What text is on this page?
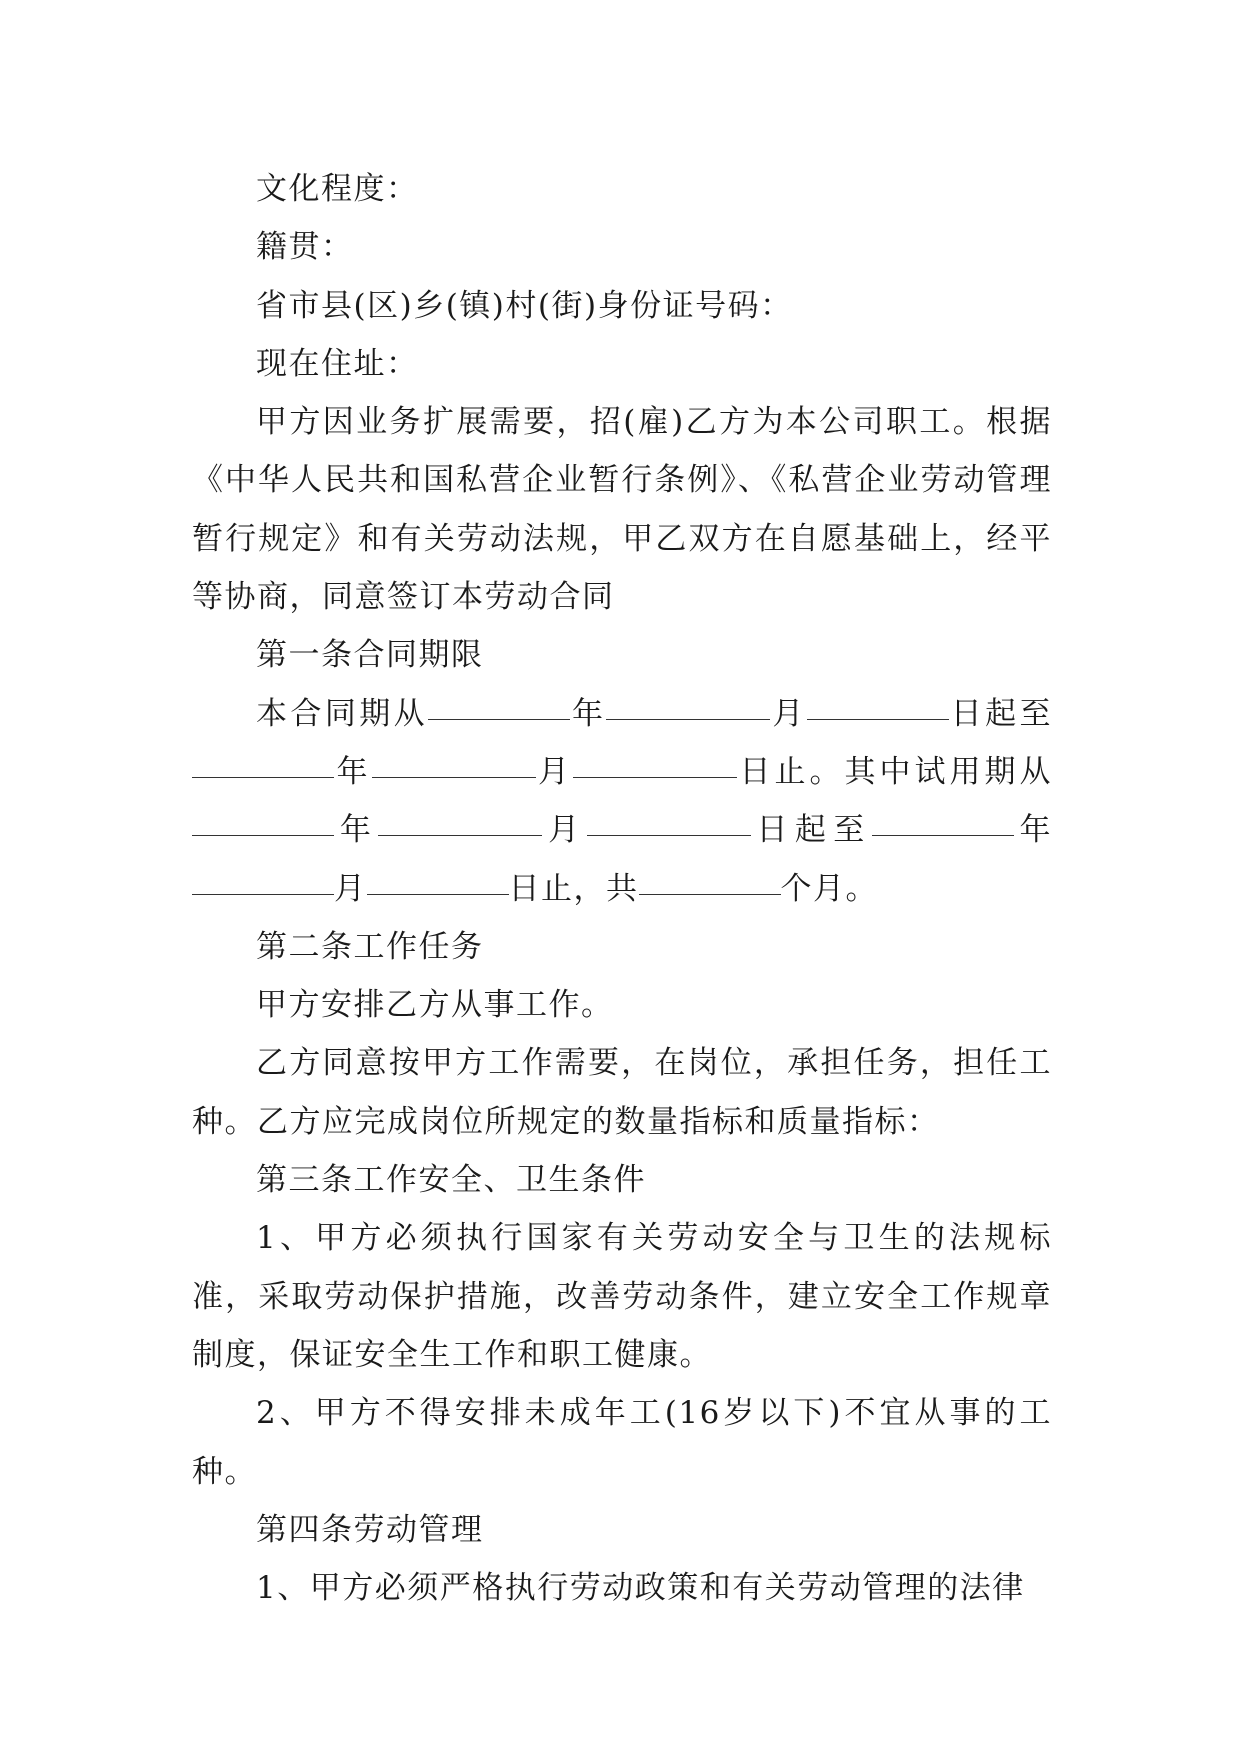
文化程度：

籍贯：

省市县(区)乡(镇)村(街)身份证号码：

现在住址：

甲方因业务扩展需要，招(雇)乙方为本公司职工。根据《中华人民共和国私营企业暂行条例》、《私营企业劳动管理暂行规定》和有关劳动法规，甲乙双方在自愿基础上，经平等协商，同意签订本劳动合同

第一条合同期限

本合同期从	年	月	日起至年	月	日止。其中试用期从年	月	日起至	年月	日止，共	个月。

第二条工作任务

甲方安排乙方从事工作。

乙方同意按甲方工作需要，在岗位，承担任务，担任工种。乙方应完成岗位所规定的数量指标和质量指标：

第三条工作安全、卫生条件

1、甲方必须执行国家有关劳动安全与卫生的法规标准，采取劳动保护措施，改善劳动条件，建立安全工作规章制度，保证安全生工作和职工健康。

2、甲方不得安排未成年工(16岁以下)不宜从事的工种。

第四条劳动管理

1、甲方必须严格执行劳动政策和有关劳动管理的法律
